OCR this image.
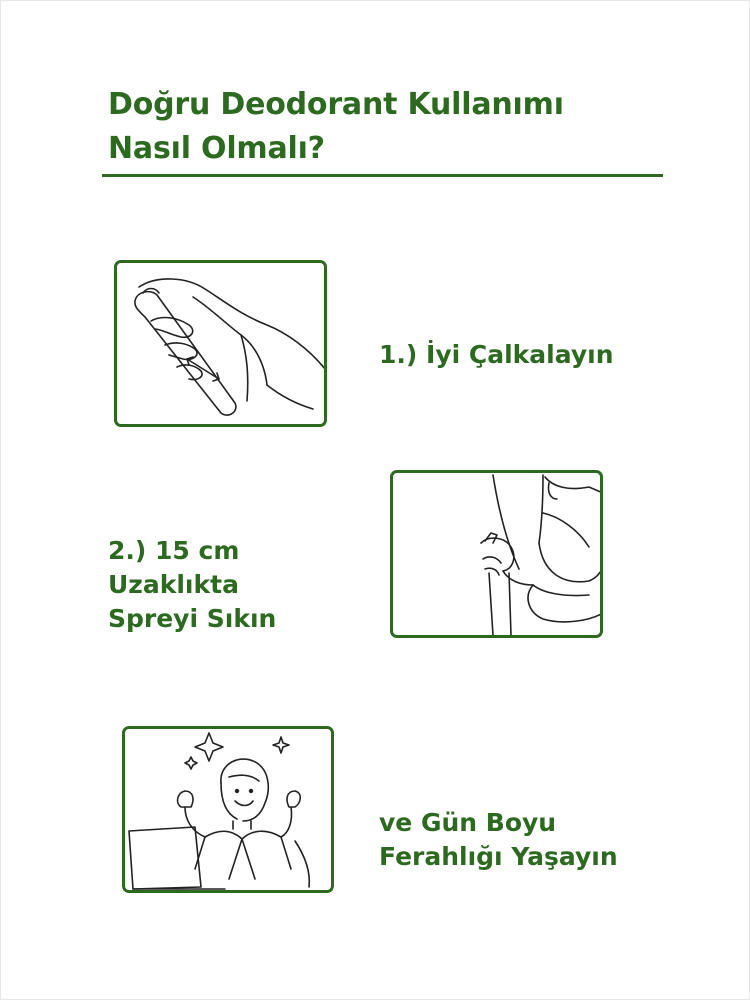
Doğru Deodorant Kullanımı
Nasıl Olmalı?
1.) İyi Çalkalayın
2.) 15 cm
Uzaklıkta
Spreyi Sıkın
ve Gün Boyu
Ferahlığı Yaşayın
